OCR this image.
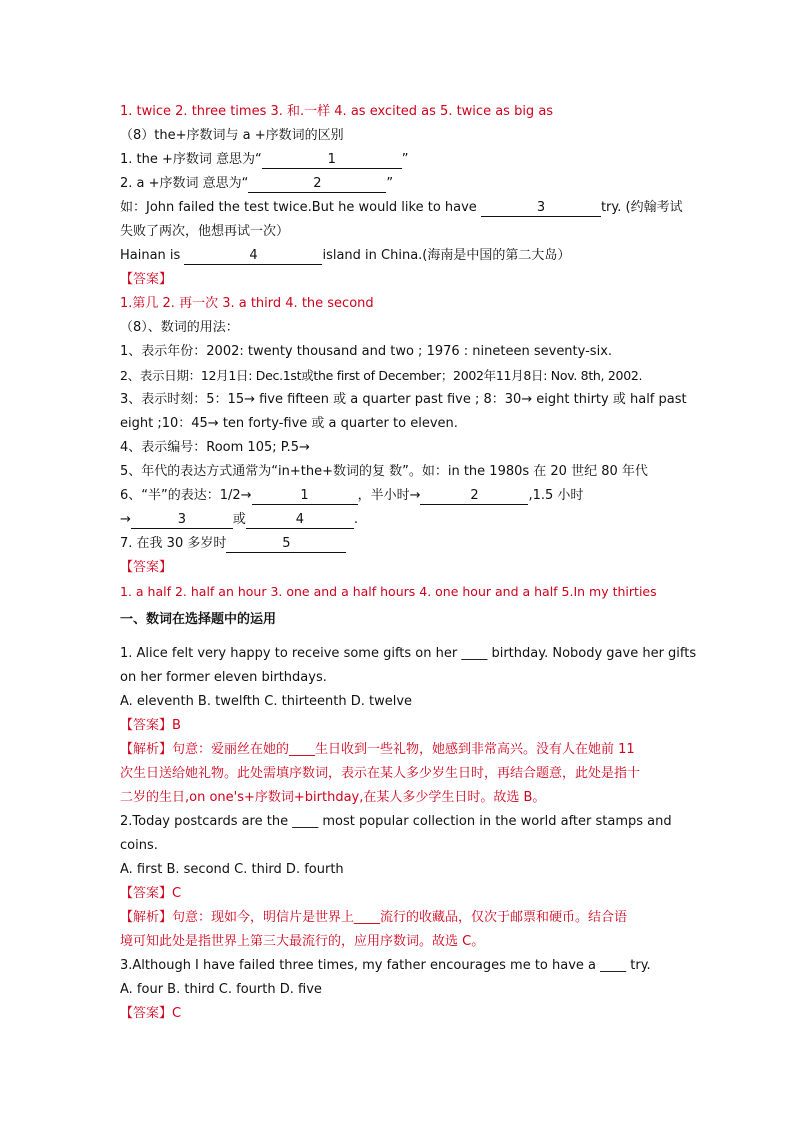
1. twice 2. three times 3. 和.一样 4. as excited as 5. twice as big as

（8）the+序数词与 a +序数词的区别

1. the +序数词 意思为“	1	”

2. a +序数词 意思为“	2	”

如：John failed the test twice.But he would like to have	3	try. (约翰考试

失败了两次，他想再试一次）

Hainan is	4	island in China.(海南是中国的第二大岛）

【答案】

1.第几 2. 再一次 3. a third 4. the second

（8）、数词的用法：

1、表示年份：2002: twenty thousand and two ; 1976 : nineteen seventy-six.

2、表示日期：12月1日: Dec.1st或the first of December；2002年11月8日: Nov. 8th, 2002.

3、表示时刻：5：15→ five fifteen 或 a quarter past five ; 8：30→ eight thirty 或 half past

eight ;10：45→ ten forty-five 或 a quarter to eleven.

4、表示编号：Room 105; P.5→

5、年代的表达方式通常为“in+the+数词的复 数”。如：in the 1980s 在 20 世纪 80 年代

6、“半”的表达：1/2→	1	，半小时→	2	,1.5 小时

→	3	或	4	.

7. 在我 30 多岁时	5

【答案】

1. a half 2. half an hour 3. one and a half hours 4. one hour and a half 5.In my thirties

一、数词在选择题中的运用

1. Alice felt very happy to receive some gifts on her ____ birthday. Nobody gave her gifts

on her former eleven birthdays.

A. eleventh B. twelfth C. thirteenth D. twelve

【答案】B

【解析】句意：爱丽丝在她的____生日收到一些礼物，她感到非常高兴。没有人在她前 11

次生日送给她礼物。此处需填序数词，表示在某人多少岁生日时，再结合题意，此处是指十

二岁的生日,on one's+序数词+birthday,在某人多少学生日时。故选 B。

2.Today postcards are the ____ most popular collection in the world after stamps and

coins.

A. first B. second C. third D. fourth

【答案】C

【解析】句意：现如今，明信片是世界上____流行的收藏品，仅次于邮票和硬币。结合语

境可知此处是指世界上第三大最流行的，应用序数词。故选 C。

3.Although I have failed three times, my father encourages me to have a ____ try.

A. four B. third C. fourth D. five

【答案】C
